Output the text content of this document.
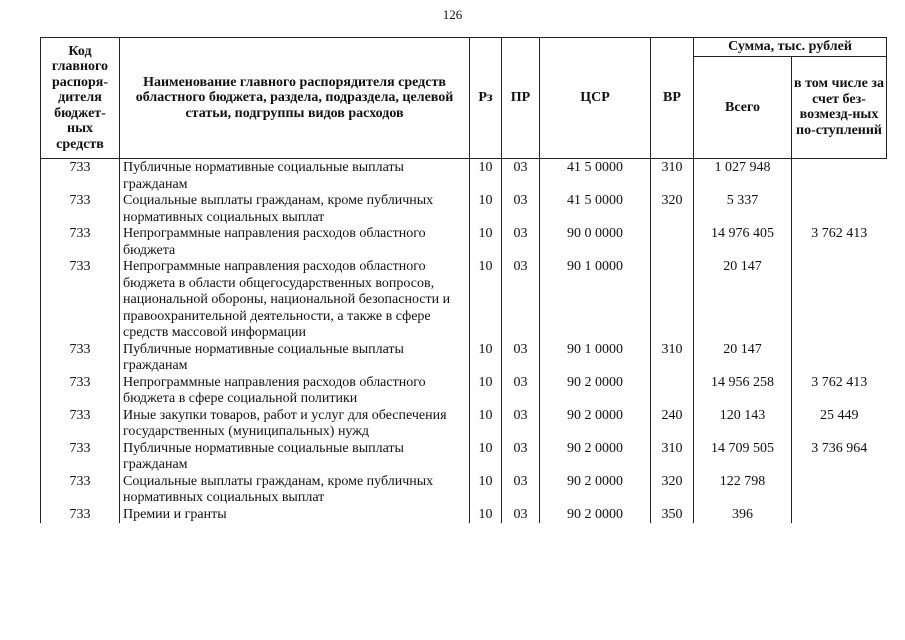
126
Код главного распоря-дителя бюджет-ных средств	Наименование главного распорядителя средств областного бюджета, раздела, подраздела, целевой статьи, подгруппы видов расходов	Рз	ПР	ЦСР	ВР	Сумма, тыс. рублей	
						Всего	в том числе за счет без-возмезд-ных по-ступлений
733	Публичные нормативные социальные выплаты гражданам	10	03	41 5 0000	310	1 027 948	
733	Социальные выплаты гражданам, кроме публичных нормативных социальных выплат	10	03	41 5 0000	320	5 337	
733	Непрограммные направления расходов областного бюджета	10	03	90 0 0000		14 976 405	3 762 413
733	Непрограммные направления расходов областного бюджета в области общегосударственных вопросов, национальной обороны, национальной безопасности и правоохранительной деятельности, а также в сфере средств массовой информации	10	03	90 1 0000		20 147	
733	Публичные нормативные социальные выплаты гражданам	10	03	90 1 0000	310	20 147	
733	Непрограммные направления расходов областного бюджета в сфере социальной политики	10	03	90 2 0000		14 956 258	3 762 413
733	Иные закупки товаров, работ и услуг для обеспечения государственных (муниципальных) нужд	10	03	90 2 0000	240	120 143	25 449
733	Публичные нормативные социальные выплаты гражданам	10	03	90 2 0000	310	14 709 505	3 736 964
733	Социальные выплаты гражданам, кроме публичных нормативных социальных выплат	10	03	90 2 0000	320	122 798	
733	Премии и гранты	10	03	90 2 0000	350	396	
